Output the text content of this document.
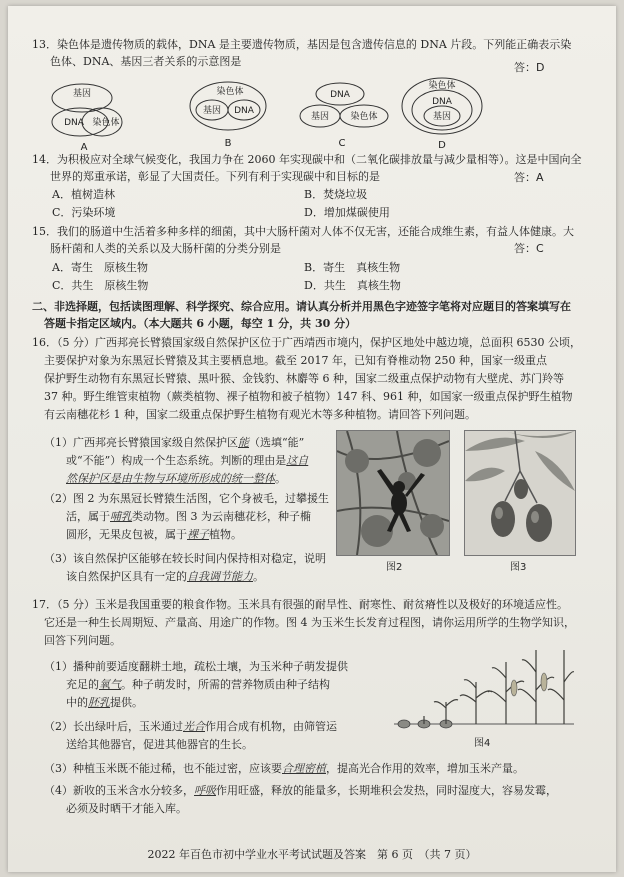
13．染色体是遗传物质的载体，DNA 是主要遗传物质，基因是包含遗传信息的 DNA 片段。下列能正确表示染
色体、DNA、基因三者关系的示意图是	答：D
基因
DNA 染色体
染色体
基因 DNA
DNA
基因 染色体
染色体
DNA
基因
A	B	C	D
14．为积极应对全球气候变化，我国力争在 2060 年实现碳中和（二氧化碳排放量与减少量相等）。这是中国向全
世界的郑重承诺，彰显了大国责任。下列有利于实现碳中和目标的是	答：A
A．植树造林	B．焚烧垃圾
C．污染环境	D．增加煤碳使用
15．我们的肠道中生活着多种多样的细菌，其中大肠杆菌对人体不仅无害，还能合成维生素，有益人体健康。大
肠杆菌和人类的关系以及大肠杆菌的分类分别是	答：C
A．寄生　原核生物	B．寄生　真核生物
C．共生　原核生物	D．共生　真核生物
二、非选择题，包括读图理解、科学探究、综合应用。请认真分析并用黑色字迹签字笔将对应题目的答案填写在
答题卡指定区域内。（本大题共 6 小题，每空 1 分，共 30 分）
16．（5 分）广西邦亮长臂猿国家级自然保护区位于广西靖西市境内，保护区地处中越边境，总面积 6530 公顷，
主要保护对象为东黑冠长臂猿及其主要栖息地。截至 2017 年，已知有脊椎动物 250 种，国家一级重点
保护野生动物有东黑冠长臂猿、黑叶猴、金钱豹、林麝等 6 种，国家二级重点保护动物有大壁虎、苏门羚等
37 种。野生维管束植物（蕨类植物、裸子植物和被子植物）147 科、961 种，如国家一级重点保护野生植物
有云南穗花杉 1 种，国家二级重点保护野生植物有观光木等多种植物。请回答下列问题。
（1）广西邦亮长臂猿国家级自然保护区能（选填“能”
或“不能”）构成一个生态系统。判断的理由是这自
然保护区是由生物与环境所形成的统一整体。
（2）图 2 为东黑冠长臂猿生活图，它个身被毛，过攀援生
活，属于哺乳类动物。图 3 为云南穗花杉，种子椭
圆形，无果皮包被，属于裸子植物。
（3）该自然保护区能够在较长时间内保持相对稳定，说明
该自然保护区具有一定的自我调节能力。
图2	图3
17．（5 分）玉米是我国重要的粮食作物。玉米具有很强的耐旱性、耐寒性、耐贫瘠性以及极好的环境适应性。
它还是一种生长周期短、产量高、用途广的作物。图 4 为玉米生长发育过程图，请你运用所学的生物学知识，
回答下列问题。
（1）播种前要适度翻耕土地，疏松土壤，为玉米种子萌发提供
充足的氧气。种子萌发时，所需的营养物质由种子结构
中的胚乳提供。
（2）长出绿叶后，玉米通过光合作用合成有机物，由筛管运
送给其他器官，促进其他器官的生长。
（3）种植玉米既不能过稀，也不能过密，应该要合理密植，提高光合作用的效率，增加玉米产量。
（4）新收的玉米含水分较多，呼吸作用旺盛，释放的能量多，长期堆积会发热，同时湿度大，容易发霉，
必须及时晒干才能入库。
图4
2022 年百色市初中学业水平考试试题及答案　第 6 页　（共 7 页）
